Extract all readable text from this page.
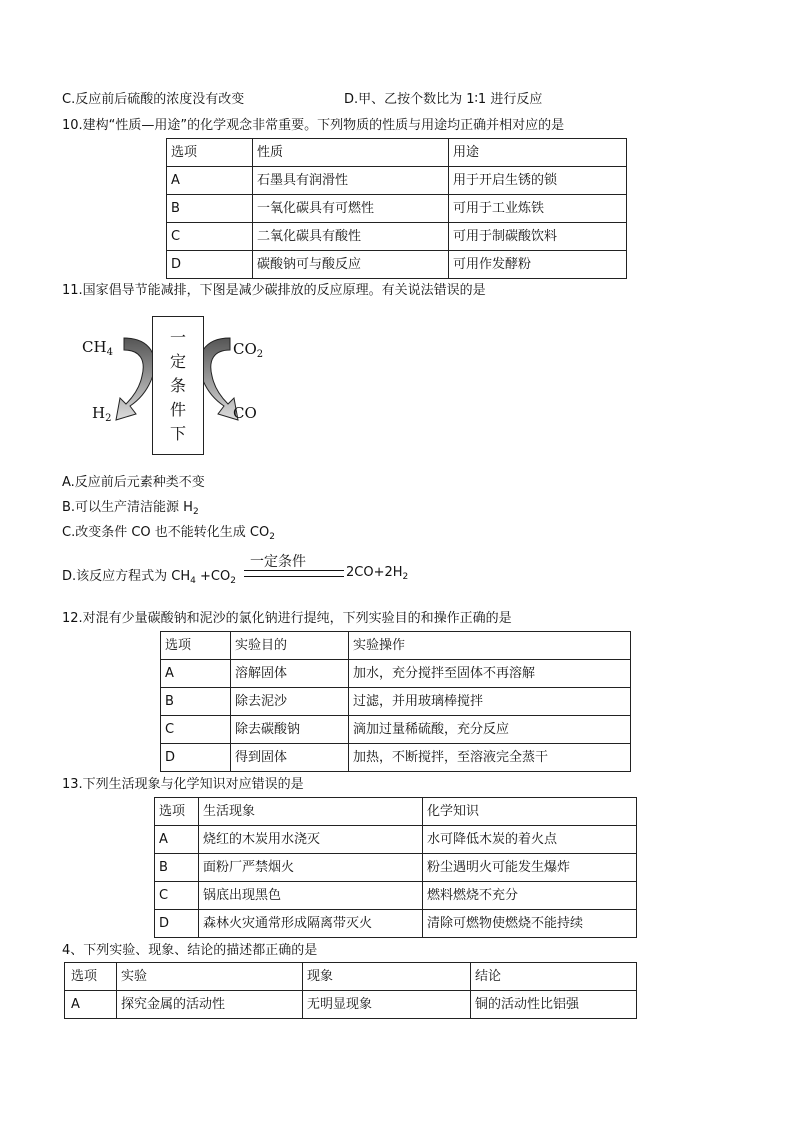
C.反应前后硫酸的浓度没有改变	D.甲、乙按个数比为 1∶1 进行反应
10.建构“性质—用途”的化学观念非常重要。下列物质的性质与用途均正确并相对应的是
选项	性质	用途
A	石墨具有润滑性	用于开启生锈的锁
B	一氧化碳具有可燃性	可用于工业炼铁
C	二氧化碳具有酸性	可用于制碳酸饮料
D	碳酸钠可与酸反应	可用作发酵粉
11.国家倡导节能减排，下图是减少碳排放的反应原理。有关说法错误的是
一
定
条
件
下
$CH_4$	$CO_2$
$H_2$	CO
A.反应前后元素种类不变
B.可以生产清洁能源 $H_2$
C.改变条件 CO 也不能转化生成 $CO_2$
一定条件
D.该反应方程式为 $CH_4 +CO_2$
$2CO+2H_2$
12.对混有少量碳酸钠和泥沙的氯化钠进行提纯，下列实验目的和操作正确的是
选项	实验目的	实验操作
A	溶解固体	加水，充分搅拌至固体不再溶解
B	除去泥沙	过滤，并用玻璃棒搅拌
C	除去碳酸钠	滴加过量稀硫酸，充分反应
D	得到固体	加热，不断搅拌，至溶液完全蒸干
13.下列生活现象与化学知识对应错误的是
选项	生活现象	化学知识
A	烧红的木炭用水浇灭	水可降低木炭的着火点
B	面粉厂严禁烟火	粉尘遇明火可能发生爆炸
C	锅底出现黑色	燃料燃烧不充分
D	森林火灾通常形成隔离带灭火	清除可燃物使燃烧不能持续
4、下列实验、现象、结论的描述都正确的是
选项	实验	现象	结论
A	探究金属的活动性	无明显现象	铜的活动性比铝强
